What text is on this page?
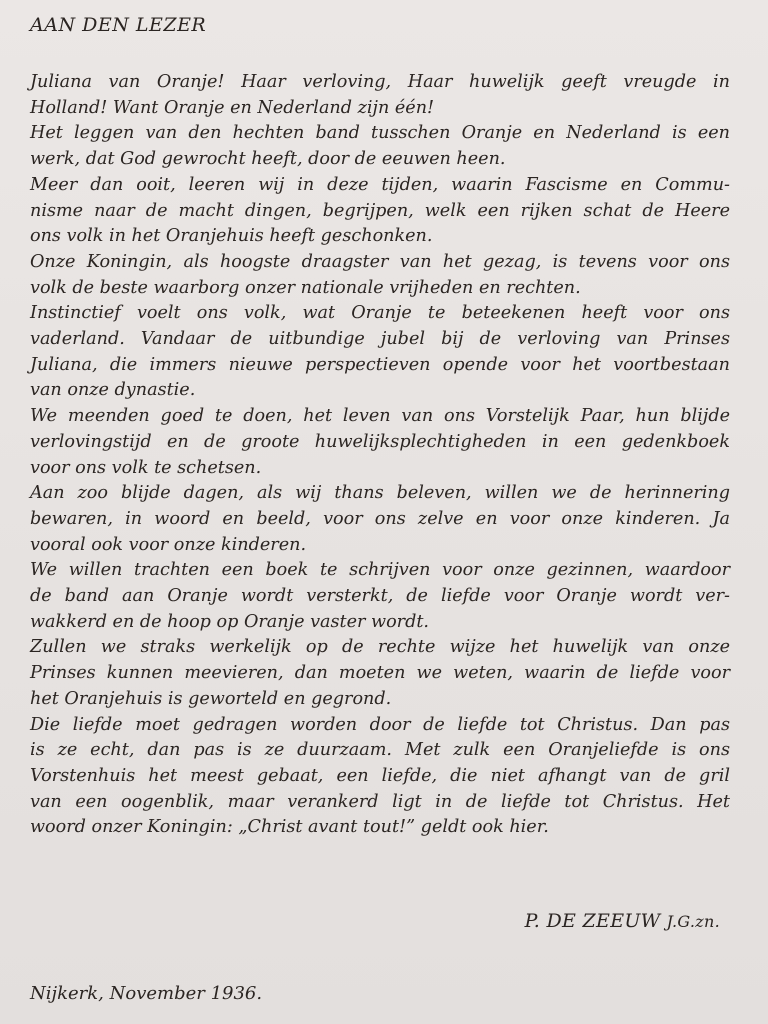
AAN DEN LEZER
Juliana van Oranje! Haar verloving, Haar huwelijk geeft vreugde in
Holland! Want Oranje en Nederland zijn één!
Het leggen van den hechten band tusschen Oranje en Nederland is een
werk, dat God gewrocht heeft, door de eeuwen heen.
Meer dan ooit, leeren wij in deze tijden, waarin Fascisme en Commu-
nisme naar de macht dingen, begrijpen, welk een rijken schat de Heere
ons volk in het Oranjehuis heeft geschonken.
Onze Koningin, als hoogste draagster van het gezag, is tevens voor ons
volk de beste waarborg onzer nationale vrijheden en rechten.
Instinctief voelt ons volk, wat Oranje te beteekenen heeft voor ons
vaderland. Vandaar de uitbundige jubel bij de verloving van Prinses
Juliana, die immers nieuwe perspectieven opende voor het voortbestaan
van onze dynastie.
We meenden goed te doen, het leven van ons Vorstelijk Paar, hun blijde
verlovingstijd en de groote huwelijksplechtigheden in een gedenkboek
voor ons volk te schetsen.
Aan zoo blijde dagen, als wij thans beleven, willen we de herinnering
bewaren, in woord en beeld, voor ons zelve en voor onze kinderen. Ja
vooral ook voor onze kinderen.
We willen trachten een boek te schrijven voor onze gezinnen, waardoor
de band aan Oranje wordt versterkt, de liefde voor Oranje wordt ver-
wakkerd en de hoop op Oranje vaster wordt.
Zullen we straks werkelijk op de rechte wijze het huwelijk van onze
Prinses kunnen meevieren, dan moeten we weten, waarin de liefde voor
het Oranjehuis is geworteld en gegrond.
Die liefde moet gedragen worden door de liefde tot Christus. Dan pas
is ze echt, dan pas is ze duurzaam. Met zulk een Oranjeliefde is ons
Vorstenhuis het meest gebaat, een liefde, die niet afhangt van de gril
van een oogenblik, maar verankerd ligt in de liefde tot Christus. Het
woord onzer Koningin: „Christ avant tout!” geldt ook hier.
P. DE ZEEUW J.G.zn.
Nijkerk, November 1936.
